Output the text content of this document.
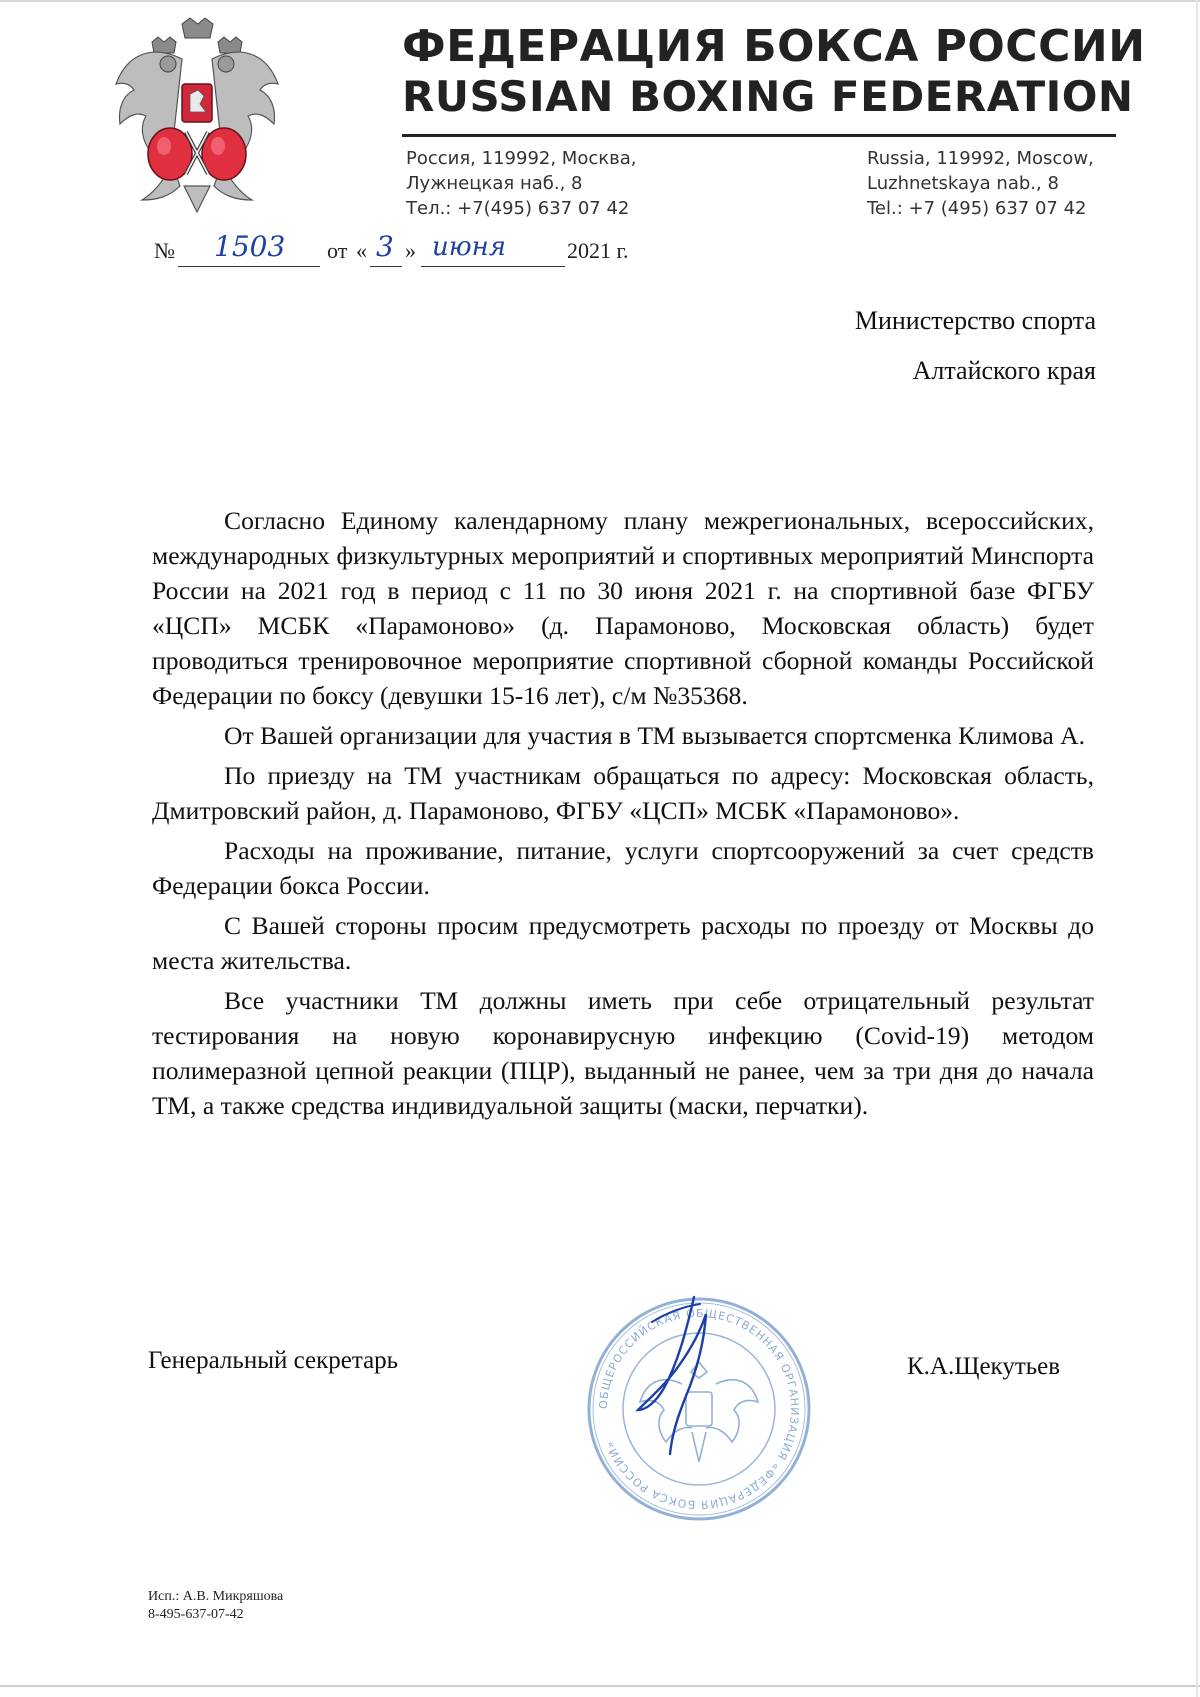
ФЕДЕРАЦИЯ БОКСА РОССИИ
RUSSIAN BOXING FEDERATION
Россия, 119992, Москва,
Лужнецкая наб., 8
Тел.: +7(495) 637 07 42
Russia, 119992, Moscow,
Luzhnetskaya nab., 8
Tel.: +7 (495) 637 07 42
№ 1503 от « 3 » июня	2021 г.
Министерство спорта
Алтайского края

Согласно Единому календарному плану межрегиональных, всероссийских, международных физкультурных мероприятий и спортивных мероприятий Минспорта России на 2021 год в период с 11 по 30 июня 2021 г. на спортивной базе ФГБУ «ЦСП» МСБК «Парамоново» (д. Парамоново, Московская область) будет проводиться тренировочное мероприятие спортивной сборной команды Российской Федерации по боксу (девушки 15-16 лет), с/м №35368.

От Вашей организации для участия в ТМ вызывается спортсменка Климова А.

По приезду на ТМ участникам обращаться по адресу: Московская область, Дмитровский район, д. Парамоново, ФГБУ «ЦСП» МСБК «Парамоново».

Расходы на проживание, питание, услуги спортсооружений за счет средств Федерации бокса России.

С Вашей стороны просим предусмотреть расходы по проезду от Москвы до места жительства.

Все участники ТМ должны иметь при себе отрицательный результат тестирования на новую коронавирусную инфекцию (Covid-19) методом полимеразной цепной реакции (ПЦР), выданный не ранее, чем за три дня до начала ТМ, а также средства индивидуальной защиты (маски, перчатки).

Генеральный секретарь	К.А.Щекутьев
ОБЩЕРОССИЙСКАЯ ОБЩЕСТВЕННАЯ ОРГАНИЗАЦИЯ «ФЕДЕРАЦИЯ БОКСА РОССИИ»
Исп.: А.В. Микряшова
8-495-637-07-42
